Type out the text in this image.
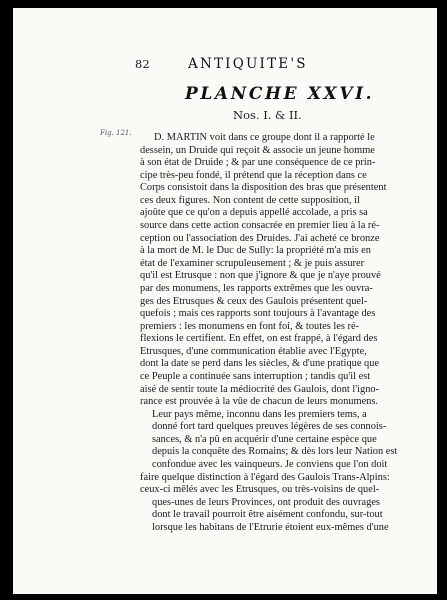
82	ANTIQUITE'S
PLANCHE XXVI.
Nos. I. & II.
Fig. 121.	D. MARTIN voit dans ce groupe dont il a rapporté le
dessein, un Druide qui reçoit & associe un jeune homme
à son état de Druide ; & par une conséquence de ce prin-
cipe très-peu fondé, il prétend que la réception dans ce
Corps consistoit dans la disposition des bras que présentent
ces deux figures. Non content de cette supposition, il
ajoûte que ce qu'on a depuis appellé accolade, a pris sa
source dans cette action consacrée en premier lieu à la ré-
ception ou l'association des Druides. J'ai acheté ce bronze
à la mort de M. le Duc de Sully: la propriété m'a mis en
état de l'examiner scrupuleusement ; & je puis assurer
qu'il est Etrusque : non que j'ignore & que je n'aye prouvé
par des monumens, les rapports extrêmes que les ouvra-
ges des Etrusques & ceux des Gaulois présentent quel-
quefois ; mais ces rapports sont toujours à l'avantage des
premiers : les monumens en font foi, & toutes les ré-
flexions le certifient. En effet, on est frappé, à l'égard des
Etrusques, d'une communication établie avec l'Egypte,
dont la date se perd dans les siècles, & d'une pratique que
ce Peuple a continuée sans interruption ; tandis qu'il est
aisé de sentir toute la médiocrité des Gaulois, dont l'igno-
rance est prouvée à la vûe de chacun de leurs monumens.
Leur pays même, inconnu dans les premiers tems, a
donné fort tard quelques preuves légères de ses connois-
sances, & n'a pû en acquérir d'une certaine espèce que
depuis la conquête des Romains; & dès lors leur Nation est
confondue avec les vainqueurs. Je conviens que l'on doit
faire quelque distinction à l'égard des Gaulois Trans-Alpins:
ceux-ci mêlés avec les Etrusques, ou très-voisins de quel-
ques-unes de leurs Provinces, ont produit des ouvrages
dont le travail pourroit être aisément confondu, sur-tout
lorsque les habitans de l'Etrurie étoient eux-mêmes d'une
